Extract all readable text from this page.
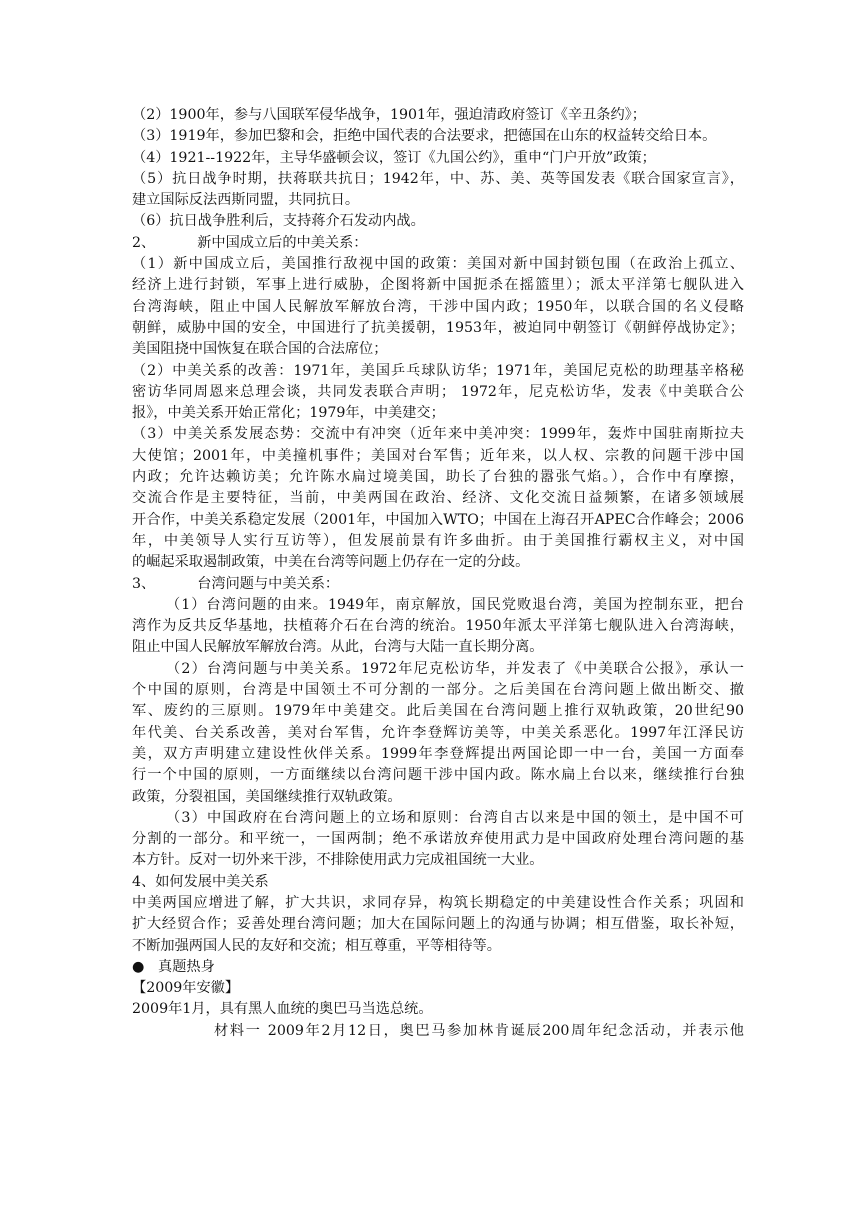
（2）1900年，参与八国联军侵华战争，1901年，强迫清政府签订《辛丑条约》；
（3）1919年，参加巴黎和会，拒绝中国代表的合法要求，把德国在山东的权益转交给日本。
（4）1921--1922年，主导华盛顿会议，签订《九国公约》，重申“门户开放”政策；
（5）抗日战争时期，扶蒋联共抗日；1942年，中、苏、美、英等国发表《联合国家宣言》，
建立国际反法西斯同盟，共同抗日。
（6）抗日战争胜利后，支持蒋介石发动内战。
2、	新中国成立后的中美关系：
（1）新中国成立后，美国推行敌视中国的政策：美国对新中国封锁包围（在政治上孤立、
经济上进行封锁，军事上进行威胁，企图将新中国扼杀在摇篮里）；派太平洋第七舰队进入
台湾海峡，阻止中国人民解放军解放台湾，干涉中国内政；1950年，以联合国的名义侵略
朝鲜，威胁中国的安全，中国进行了抗美援朝，1953年，被迫同中朝签订《朝鲜停战协定》；
美国阻挠中国恢复在联合国的合法席位；
（2）中美关系的改善：1971年，美国乒乓球队访华；1971年，美国尼克松的助理基辛格秘
密访华同周恩来总理会谈，共同发表联合声明； 1972年，尼克松访华，发表《中美联合公
报》，中美关系开始正常化；1979年，中美建交；
（3）中美关系发展态势：交流中有冲突（近年来中美冲突：1999年，轰炸中国驻南斯拉夫
大使馆；2001年，中美撞机事件；美国对台军售；近年来，以人权、宗教的问题干涉中国
内政；允许达赖访美；允许陈水扁过境美国，助长了台独的嚣张气焰。），合作中有摩擦，
交流合作是主要特征，当前，中美两国在政治、经济、文化交流日益频繁，在诸多领域展
开合作，中美关系稳定发展（2001年，中国加入WTO；中国在上海召开APEC合作峰会；2006
年，中美领导人实行互访等），但发展前景有许多曲折。由于美国推行霸权主义，对中国
的崛起采取遏制政策，中美在台湾等问题上仍存在一定的分歧。
3、	台湾问题与中美关系：
（1）台湾问题的由来。1949年，南京解放，国民党败退台湾，美国为控制东亚，把台
湾作为反共反华基地，扶植蒋介石在台湾的统治。1950年派太平洋第七舰队进入台湾海峡，
阻止中国人民解放军解放台湾。从此，台湾与大陆一直长期分离。
（2）台湾问题与中美关系。1972年尼克松访华，并发表了《中美联合公报》，承认一
个中国的原则，台湾是中国领土不可分割的一部分。之后美国在台湾问题上做出断交、撤
军、废约的三原则。1979年中美建交。此后美国在台湾问题上推行双轨政策，20世纪90
年代美、台关系改善，美对台军售，允许李登辉访美等，中美关系恶化。1997年江泽民访
美，双方声明建立建设性伙伴关系。1999年李登辉提出两国论即一中一台，美国一方面奉
行一个中国的原则，一方面继续以台湾问题干涉中国内政。陈水扁上台以来，继续推行台独
政策，分裂祖国，美国继续推行双轨政策。
（3）中国政府在台湾问题上的立场和原则：台湾自古以来是中国的领土，是中国不可
分割的一部分。和平统一，一国两制；绝不承诺放弃使用武力是中国政府处理台湾问题的基
本方针。反对一切外来干涉，不排除使用武力完成祖国统一大业。
4、如何发展中美关系
中美两国应增进了解，扩大共识，求同存异，构筑长期稳定的中美建设性合作关系；巩固和
扩大经贸合作；妥善处理台湾问题；加大在国际问题上的沟通与协调；相互借鉴，取长补短，
不断加强两国人民的友好和交流；相互尊重，平等相待等。
● 真题热身
【2009年安徽】
2009年1月，具有黑人血统的奥巴马当选总统。
材料一 2009年2月12日，奥巴马参加林肯诞辰200周年纪念活动，并表示他
